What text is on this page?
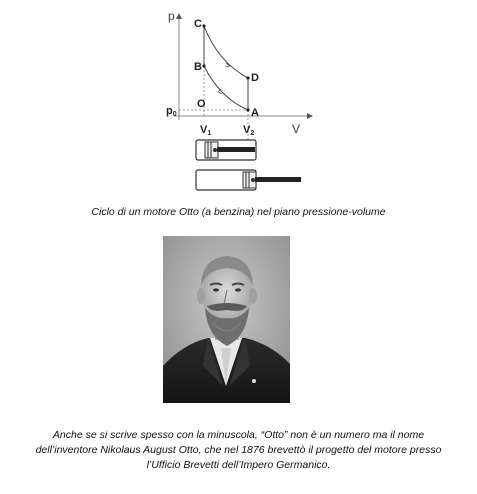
p
V
C
B
D
A
O
p0
V1	V2
Ciclo di un motore Otto (a benzina) nel piano pressione-volume
Anche se si scrive spesso con la minuscola, “Otto” non è un numero ma il nome
dell’inventore Nikolaus August Otto, che nel 1876 brevettò il progetto del motore presso
l’Ufficio Brevetti dell’Impero Germanico.
